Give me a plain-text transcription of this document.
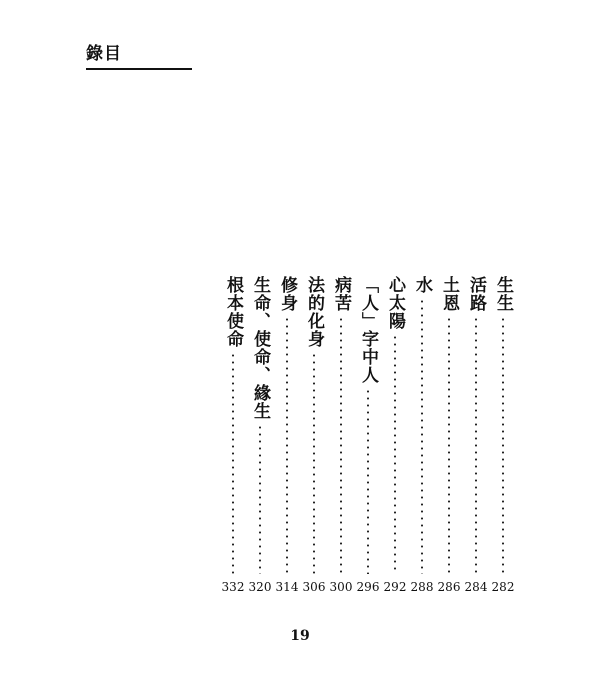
錄目
生生
282
活路
284
土恩
286
水
288
心太陽
292
「人」字中人
296
病苦
300
法的化身
306
修身
314
生命、使命、緣生
320
根本使命
332
19
